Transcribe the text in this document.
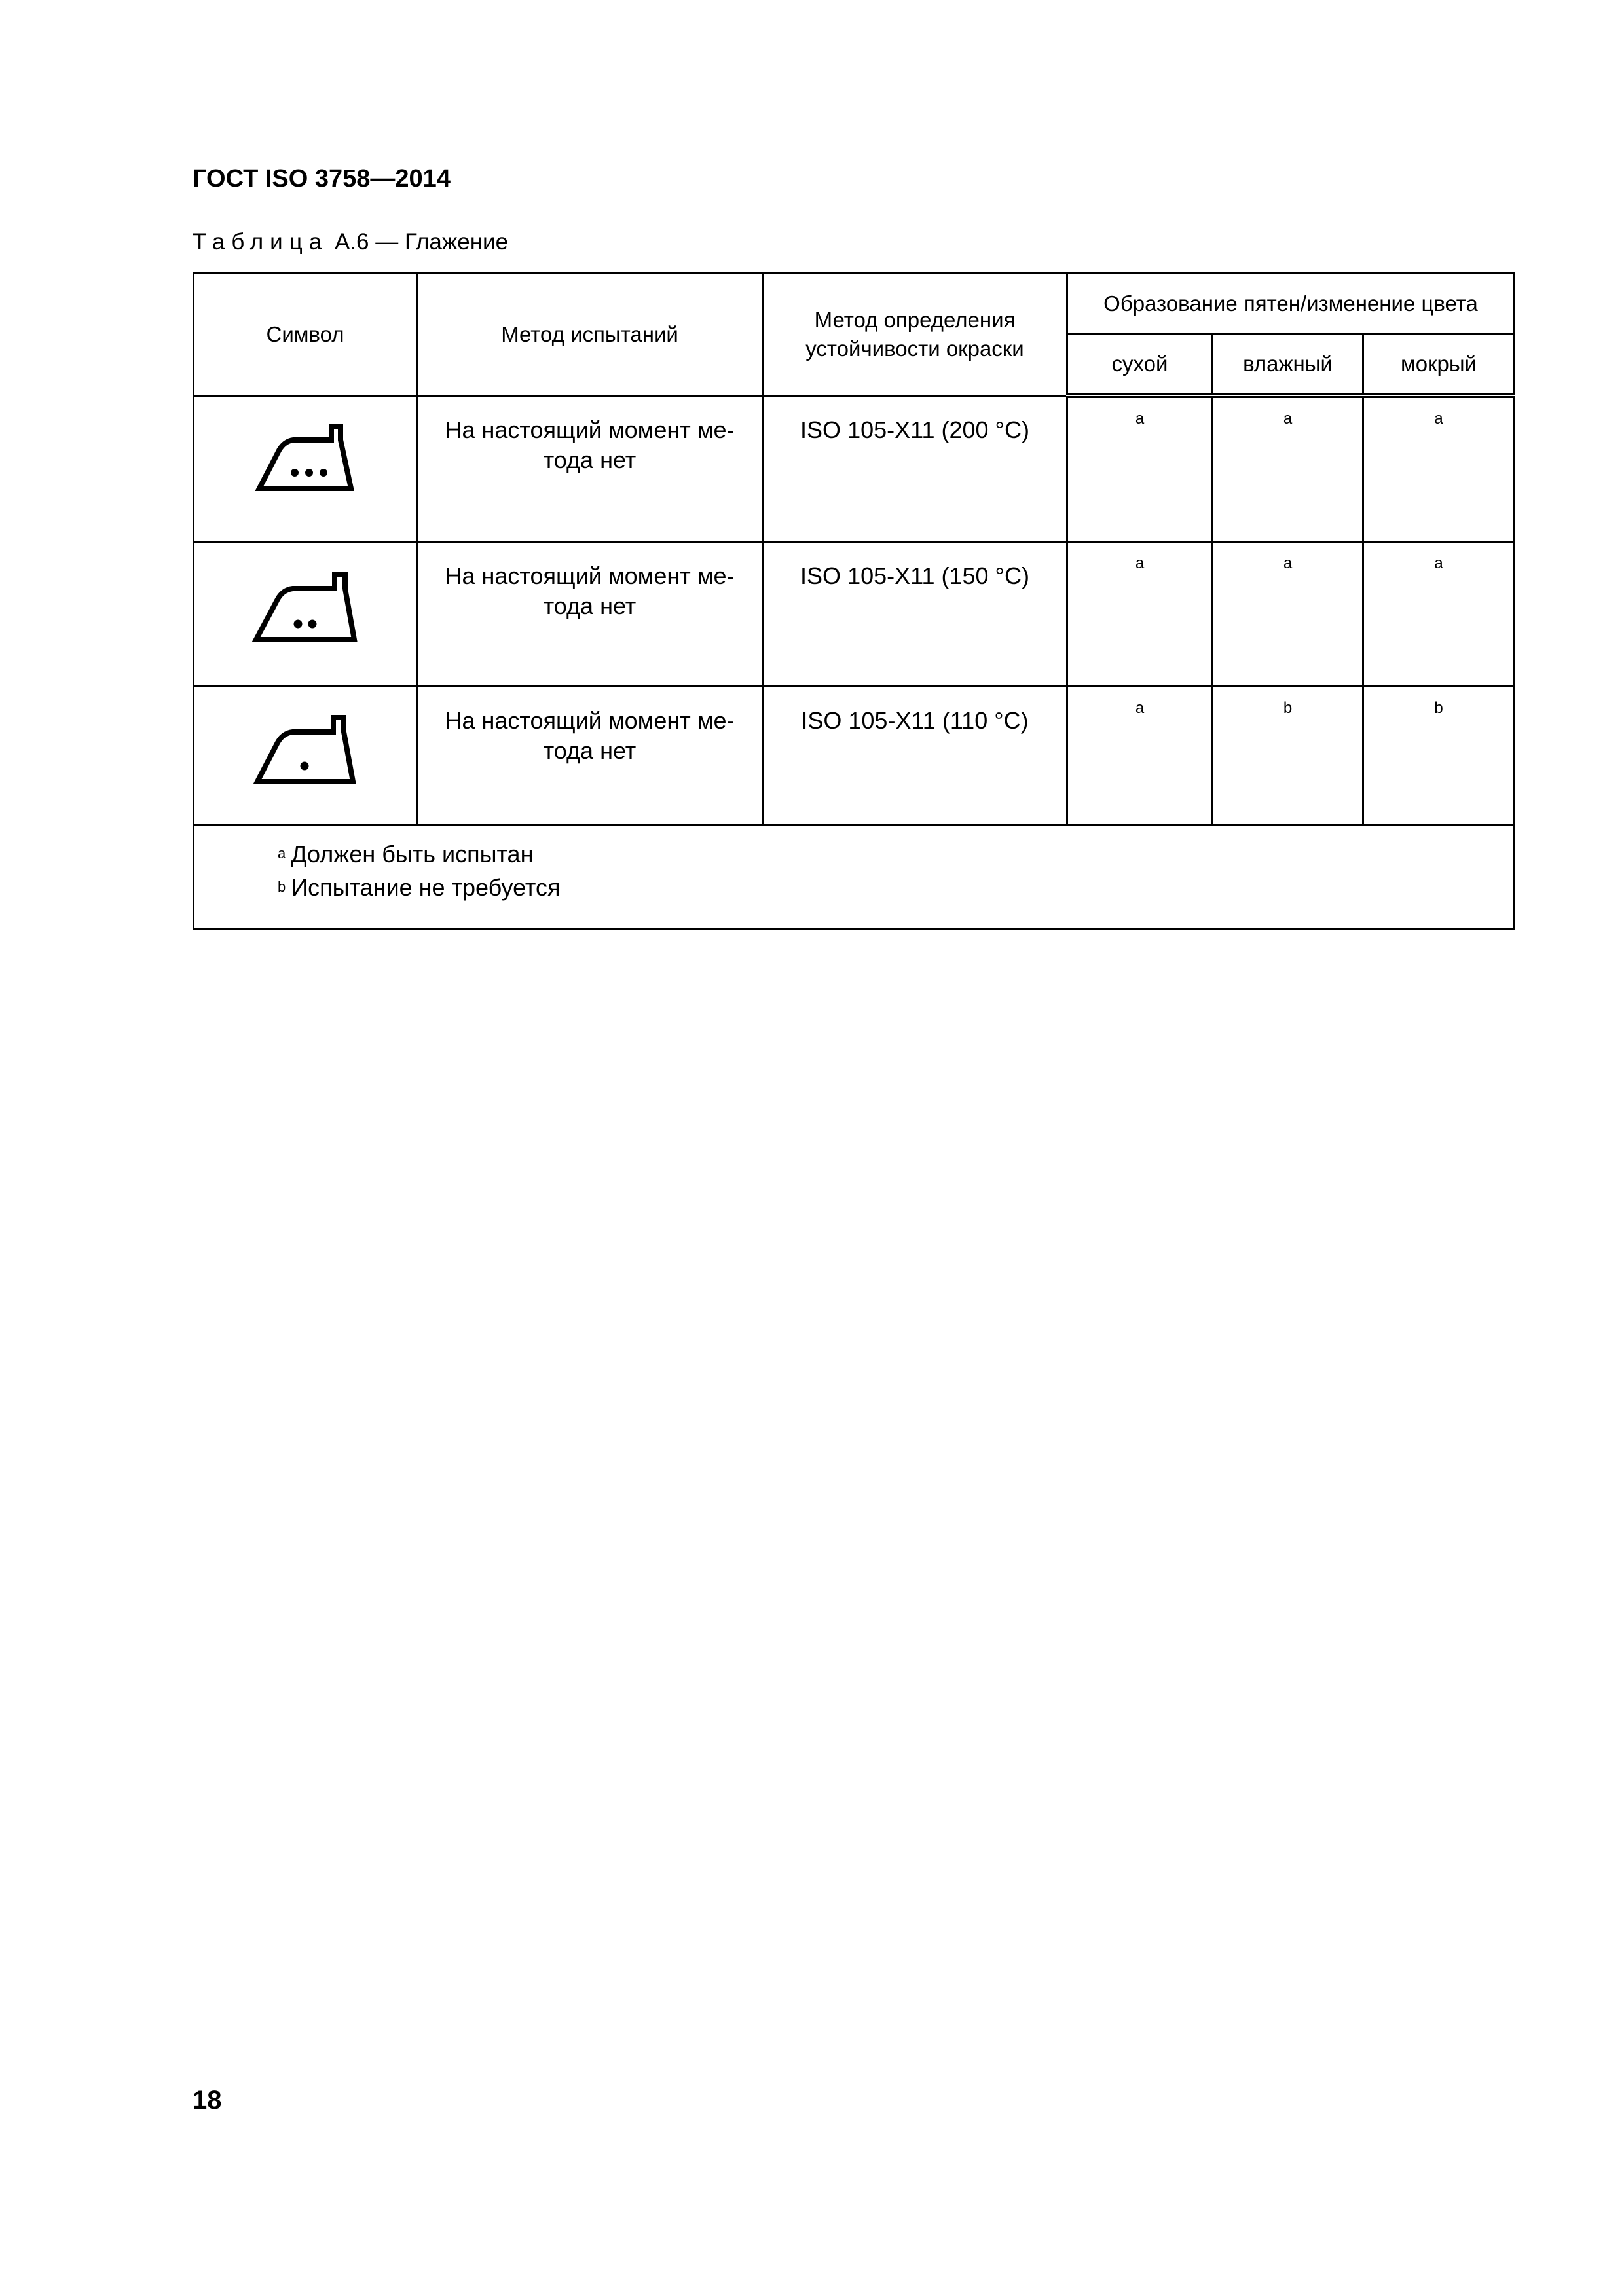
ГОСТ ISO 3758—2014
Таблица А.6 — Глажение
Символ	Метод испытаний	Метод определения устойчивости окраски	Образование пятен/изменение цвета		
			сухой	влажный	мокрый

	На настоящий момент ме-тода нет	ISO 105-X11 (200 °C)	a	a	a

	На настоящий момент ме-тода нет	ISO 105-X11 (150 °C)	a	a	a

	На настоящий момент ме-тода нет	ISO 105-X11 (110 °C)	a	b	b

$^a$ Должен быть испытан
$^b$ Испытание не требуется					
18
